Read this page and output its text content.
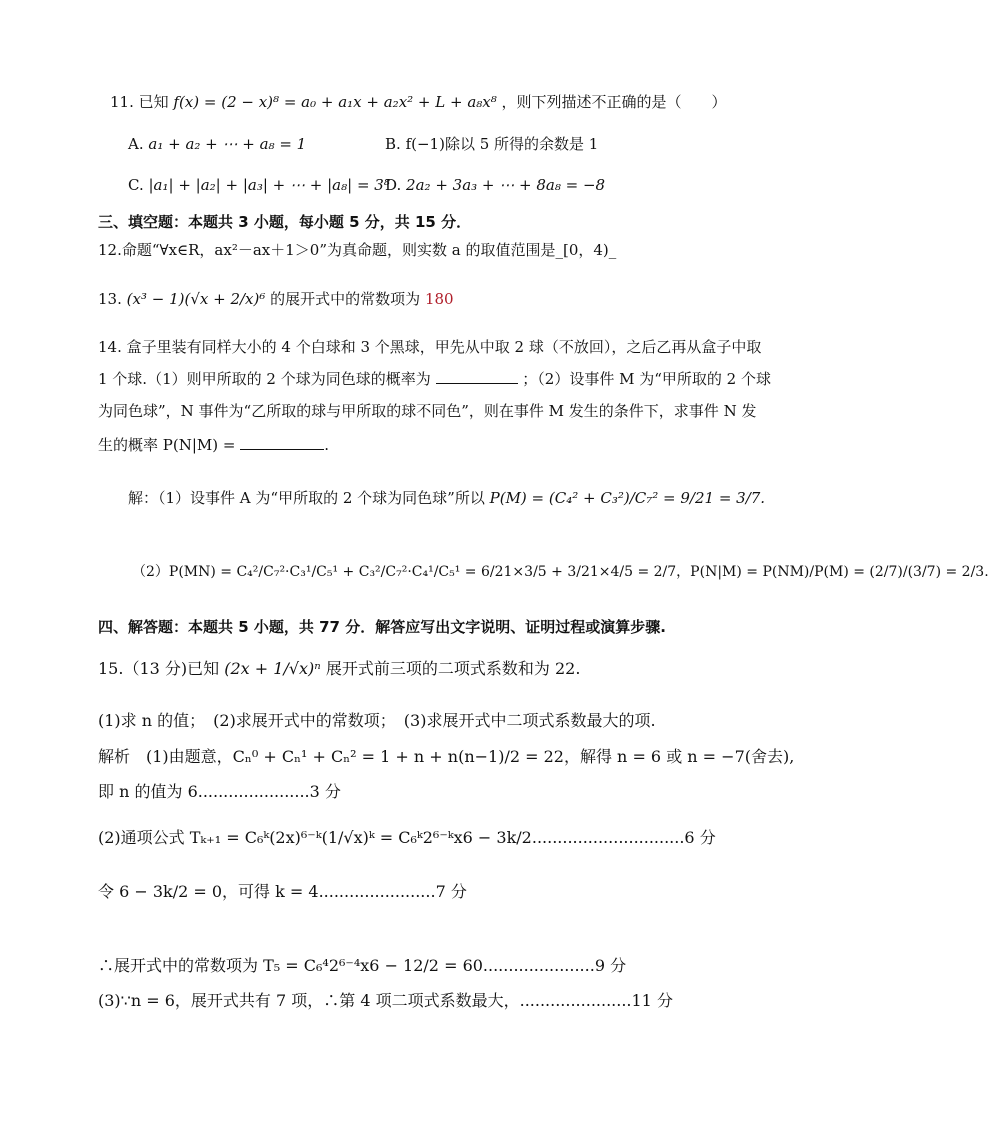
11. 已知 f(x) = (2 − x)⁸ = a₀ + a₁x + a₂x² + L + a₈x⁸ ，则下列描述不正确的是（　　）
A. a₁ + a₂ + ⋯ + a₈ = 1	B. f(−1)除以 5 所得的余数是 1
C. |a₁| + |a₂| + |a₃| + ⋯ + |a₈| = 3⁸
D. 2a₂ + 3a₃ + ⋯ + 8a₈ = −8
三、填空题：本题共 3 小题，每小题 5 分，共 15 分．
12.命题“∀x∈R，ax²－ax＋1＞0”为真命题，则实数 a 的取值范围是_[0，4)_
13. (x³ − 1)(√x + 2/x)⁶ 的展开式中的常数项为 180
14. 盒子里装有同样大小的 4 个白球和 3 个黑球，甲先从中取 2 球（不放回），之后乙再从盒子中取
1 个球.（1）则甲所取的 2 个球为同色球的概率为	；（2）设事件 M 为“甲所取的 2 个球
为同色球”，N 事件为“乙所取的球与甲所取的球不同色”，则在事件 M 发生的条件下，求事件 N 发
生的概率 P(N|M) =	.
解：（1）设事件 A 为“甲所取的 2 个球为同色球”所以 P(M) = (C₄² + C₃²)/C₇² = 9/21 = 3/7.
（2）P(MN) = C₄²/C₇²·C₃¹/C₅¹ + C₃²/C₇²·C₄¹/C₅¹ = 6/21×3/5 + 3/21×4/5 = 2/7，P(N|M) = P(NM)/P(M) = (2/7)/(3/7) = 2/3.
四、解答题：本题共 5 小题，共 77 分．解答应写出文字说明、证明过程或演算步骤.
15.（13 分)已知 (2x + 1/√x)ⁿ 展开式前三项的二项式系数和为 22.
(1)求 n 的值；　(2)求展开式中的常数项；　(3)求展开式中二项式系数最大的项.
解析　(1)由题意，Cₙ⁰ + Cₙ¹ + Cₙ² = 1 + n + n(n−1)/2 = 22，解得 n = 6 或 n = −7(舍去),
即 n 的值为 6......................3 分
(2)通项公式 Tₖ₊₁ = C₆ᵏ(2x)⁶⁻ᵏ(1/√x)ᵏ = C₆ᵏ2⁶⁻ᵏx6 − 3k/2..............................6 分
令 6 − 3k/2 = 0，可得 k = 4.......................7 分
∴展开式中的常数项为 T₅ = C₆⁴2⁶⁻⁴x6 − 12/2 = 60......................9 分
(3)∵n = 6，展开式共有 7 项，∴第 4 项二项式系数最大，......................11 分
